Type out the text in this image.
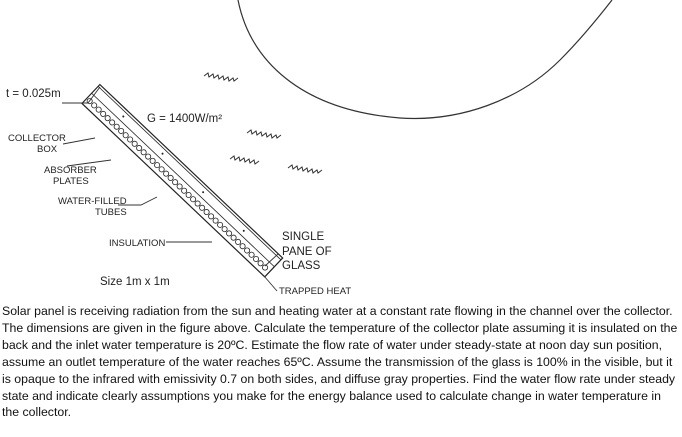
t = 0.025m
G = 1400W/m²
COLLECTOR
BOX
ABSORBER
PLATES
WATER-FILLED
TUBES
INSULATION
SINGLE
PANE OF
GLASS
Size 1m x 1m
TRAPPED HEAT

Solar panel is receiving radiation from the sun and heating water at a constant rate flowing in the channel over the collector. The dimensions are given in the figure above. Calculate the temperature of the collector plate assuming it is insulated on the back and the inlet water temperature is 20ºC. Estimate the flow rate of water under steady-state at noon day sun position, assume an outlet temperature of the water reaches 65ºC. Assume the transmission of the glass is 100% in the visible, but it is opaque to the infrared with emissivity 0.7 on both sides, and diffuse gray properties. Find the water flow rate under steady state and indicate clearly assumptions you make for the energy balance used to calculate change in water temperature in the collector.
